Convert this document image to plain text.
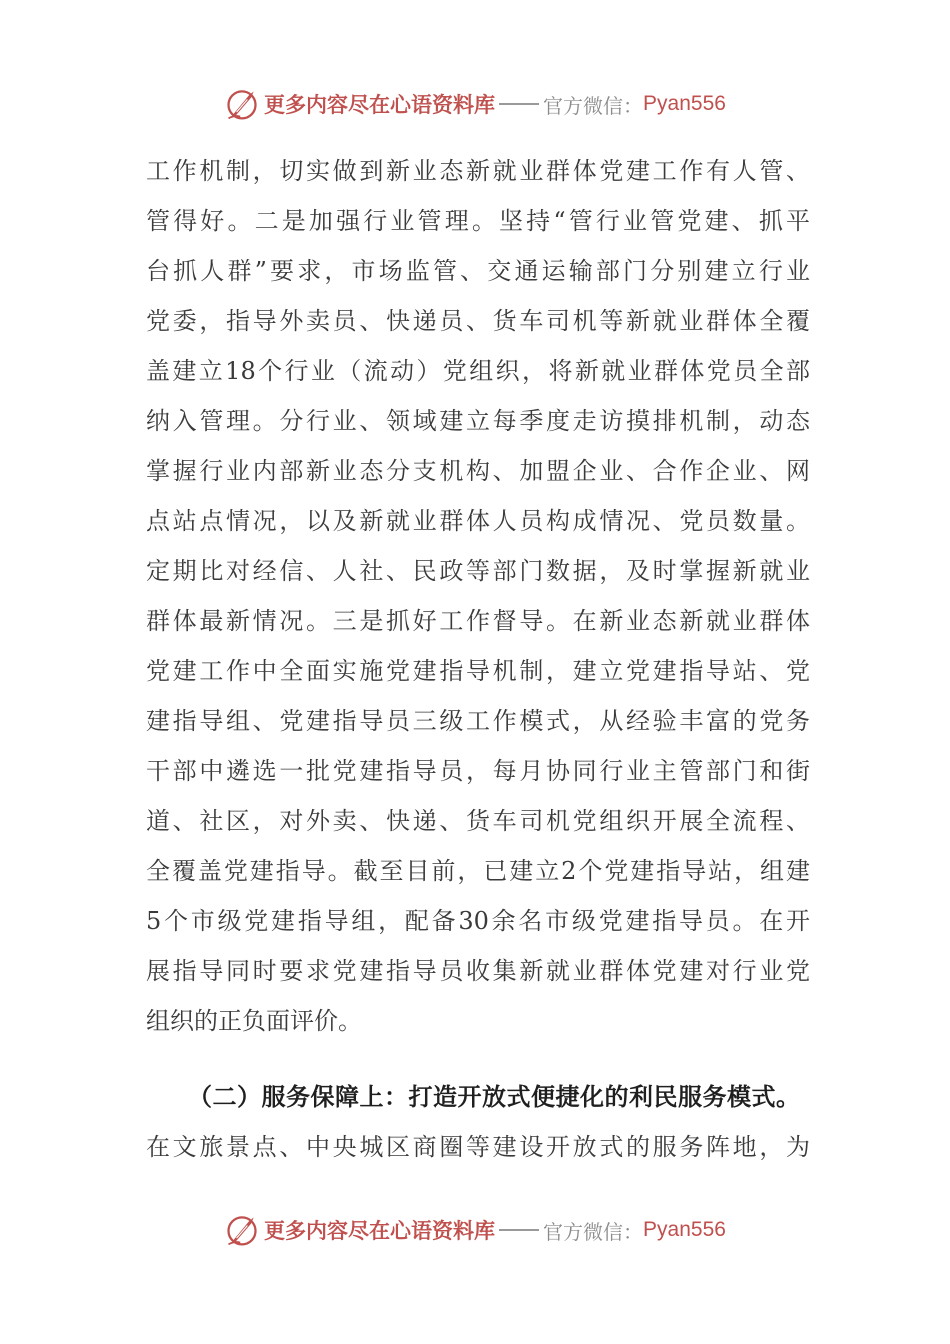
更多内容尽在心语资料库 官方微信： Pyan556
工作机制，切实做到新业态新就业群体党建工作有人管、
管得好。二是加强行业管理。坚持“管行业管党建、抓平
台抓人群”要求，市场监管、交通运输部门分别建立行业
党委，指导外卖员、快递员、货车司机等新就业群体全覆
盖建立18个行业（流动）党组织，将新就业群体党员全部
纳入管理。分行业、领域建立每季度走访摸排机制，动态
掌握行业内部新业态分支机构、加盟企业、合作企业、网
点站点情况，以及新就业群体人员构成情况、党员数量。
定期比对经信、人社、民政等部门数据，及时掌握新就业
群体最新情况。三是抓好工作督导。在新业态新就业群体
党建工作中全面实施党建指导机制，建立党建指导站、党
建指导组、党建指导员三级工作模式，从经验丰富的党务
干部中遴选一批党建指导员，每月协同行业主管部门和街
道、社区，对外卖、快递、货车司机党组织开展全流程、
全覆盖党建指导。截至目前，已建立2个党建指导站，组建
5个市级党建指导组，配备30余名市级党建指导员。在开
展指导同时要求党建指导员收集新就业群体党建对行业党
组织的正负面评价。
（二）服务保障上：打造开放式便捷化的利民服务模式。
在文旅景点、中央城区商圈等建设开放式的服务阵地，为
更多内容尽在心语资料库 官方微信： Pyan556
